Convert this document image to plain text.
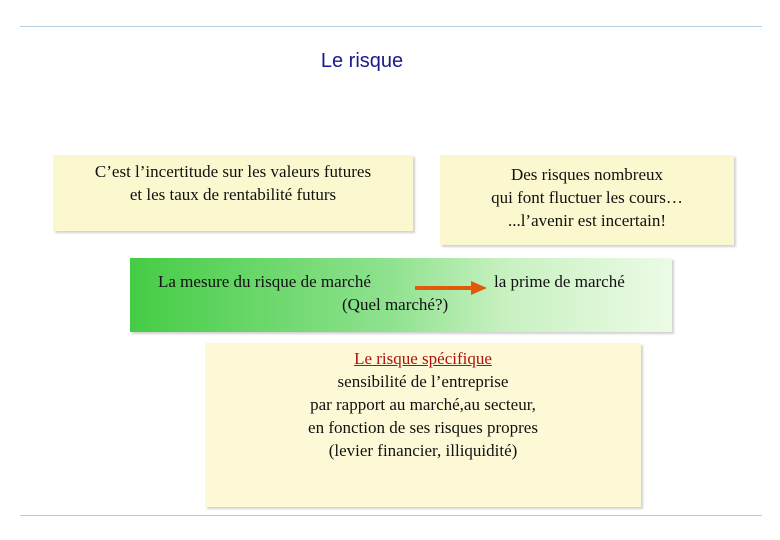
Le risque
C’est l’incertitude sur les valeurs futures
et les taux de rentabilité futurs
Des risques nombreux
qui font fluctuer les cours…
...l’avenir est incertain!
La mesure du risque de marché	la prime de marché
(Quel marché?)
Le risque spécifique
sensibilité de l’entreprise
par rapport au marché,au secteur,
en fonction de ses risques propres
(levier financier, illiquidité)
